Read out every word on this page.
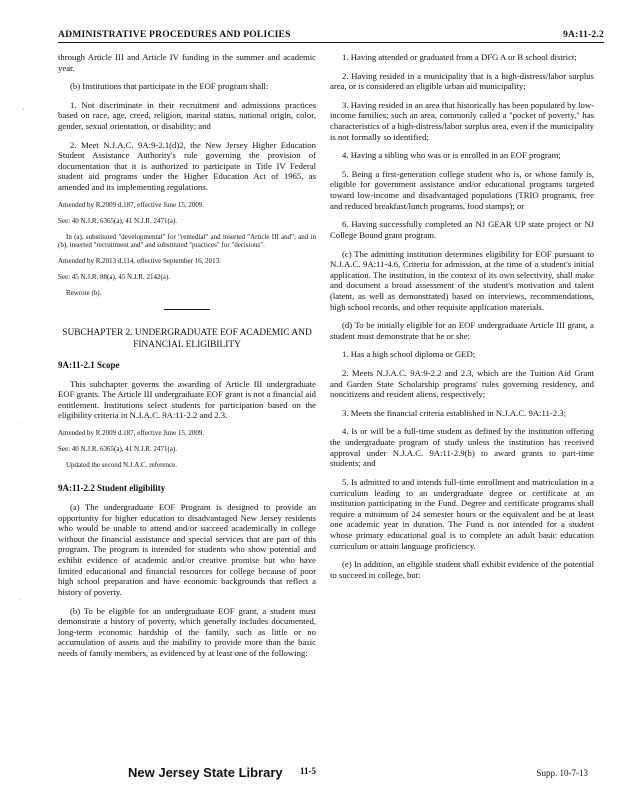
ADMINISTRATIVE PROCEDURES AND POLICIES	9A:11-2.2

through Article III and Article IV funding in the summer and academic year.

(b) Institutions that participate in the EOF program shall:

1. Not discriminate in their recruitment and admissions practices based on race, age, creed, religion, marital status, national origin, color, gender, sexual orientation, or disability; and

2. Meet N.J.A.C. 9A:9-2.1(d)2, the New Jersey Higher Education Student Assistance Authority's rule governing the provision of documentation that it is authorized to participate in Title IV Federal student aid programs under the Higher Education Act of 1965, as amended and its implementing regulations.

Amended by R.2009 d.187, effective June 15, 2009.

See: 40 N.J.R. 6365(a), 41 N.J.R. 2471(a).

In (a), substituted "developmental" for "remedial" and inserted "Article III and"; and in (b), inserted "recruitment and" and substituted "practices" for "decisions".

Amended by R.2013 d.114, effective September 16, 2013.

See: 45 N.J.R. 88(a), 45 N.J.R. 2142(a).

Rewrote (b).

SUBCHAPTER 2. UNDERGRADUATE EOF ACADEMIC AND FINANCIAL ELIGIBILITY

9A:11-2.1 Scope

This subchapter governs the awarding of Article III undergraduate EOF grants. The Article III undergraduate EOF grant is not a financial aid entitlement. Institutions select students for participation based on the eligibility criteria in N.J.A.C. 9A:11-2.2 and 2.3.

Amended by R.2009 d.187, effective June 15, 2009.

See: 40 N.J.R. 6365(a), 41 N.J.R. 2471(a).

Updated the second N.J.A.C. reference.

9A:11-2.2 Student eligibility

(a) The undergraduate EOF Program is designed to provide an opportunity for higher education to disadvantaged New Jersey residents who would be unable to attend and/or succeed academically in college without the financial assistance and special services that are part of this program. The program is intended for students who show potential and exhibit evidence of academic and/or creative promise but who have limited educational and financial resources for college because of poor high school preparation and have economic backgrounds that reflect a history of poverty.

(b) To be eligible for an undergraduate EOF grant, a student must demonstrate a history of poverty, which generally includes documented, long-term economic hardship of the family, such as little or no accumulation of assets and the inability to provide more than the basic needs of family members, as evidenced by at least one of the following:

1. Having attended or graduated from a DFG A or B school district;

2. Having resided in a municipality that is a high-distress/labor surplus area, or is considered an eligible urban aid municipality;

3. Having resided in an area that historically has been populated by low-income families; such an area, commonly called a "pocket of poverty," has characteristics of a high-distress/labor surplus area, even if the municipality is not formally so identified;

4. Having a sibling who was or is enrolled in an EOF program;

5. Being a first-generation college student who is, or whose family is, eligible for government assistance and/or educational programs targeted toward low-income and disadvantaged populations (TRIO programs, free and reduced breakfast/lunch programs, food stamps); or

6. Having successfully completed an NJ GEAR UP state project or NJ College Bound grant program.

(c) The admitting institution determines eligibility for EOF pursuant to N.J.A.C. 9A:11-4.6, Criteria for admission, at the time of a student's initial application. The institution, in the context of its own selectivity, shall make and document a broad assessment of the student's motivation and talent (latent, as well as demonstrated) based on interviews, recommendations, high school records, and other requisite application materials.

(d) To be initially eligible for an EOF undergraduate Article III grant, a student must demonstrate that he or she:

1. Has a high school diploma or GED;

2. Meets N.J.A.C. 9A:9-2.2 and 2.3, which are the Tuition Aid Grant and Garden State Scholarship programs' rules governing residency, and noncitizens and resident aliens, respectively;

3. Meets the financial criteria established in N.J.A.C. 9A:11-2.3;

4. Is or will be a full-time student as defined by the institution offering the undergraduate program of study unless the institution has received approval under N.J.A.C. 9A:11-2.9(b) to award grants to part-time students; and

5. Is admitted to and intends full-time enrollment and matriculation in a curriculum leading to an undergraduate degree or certificate at an institution participating in the Fund. Degree and certificate programs shall require a minimum of 24 semester hours or the equivalent and be at least one academic year in duration. The Fund is not intended for a student whose primary educational goal is to complete an adult basic education curriculum or attain language proficiency.

(e) In addition, an eligible student shall exhibit evidence of the potential to succeed in college, but:

New Jersey State Library 11-5	Supp. 10-7-13
·
·
·
